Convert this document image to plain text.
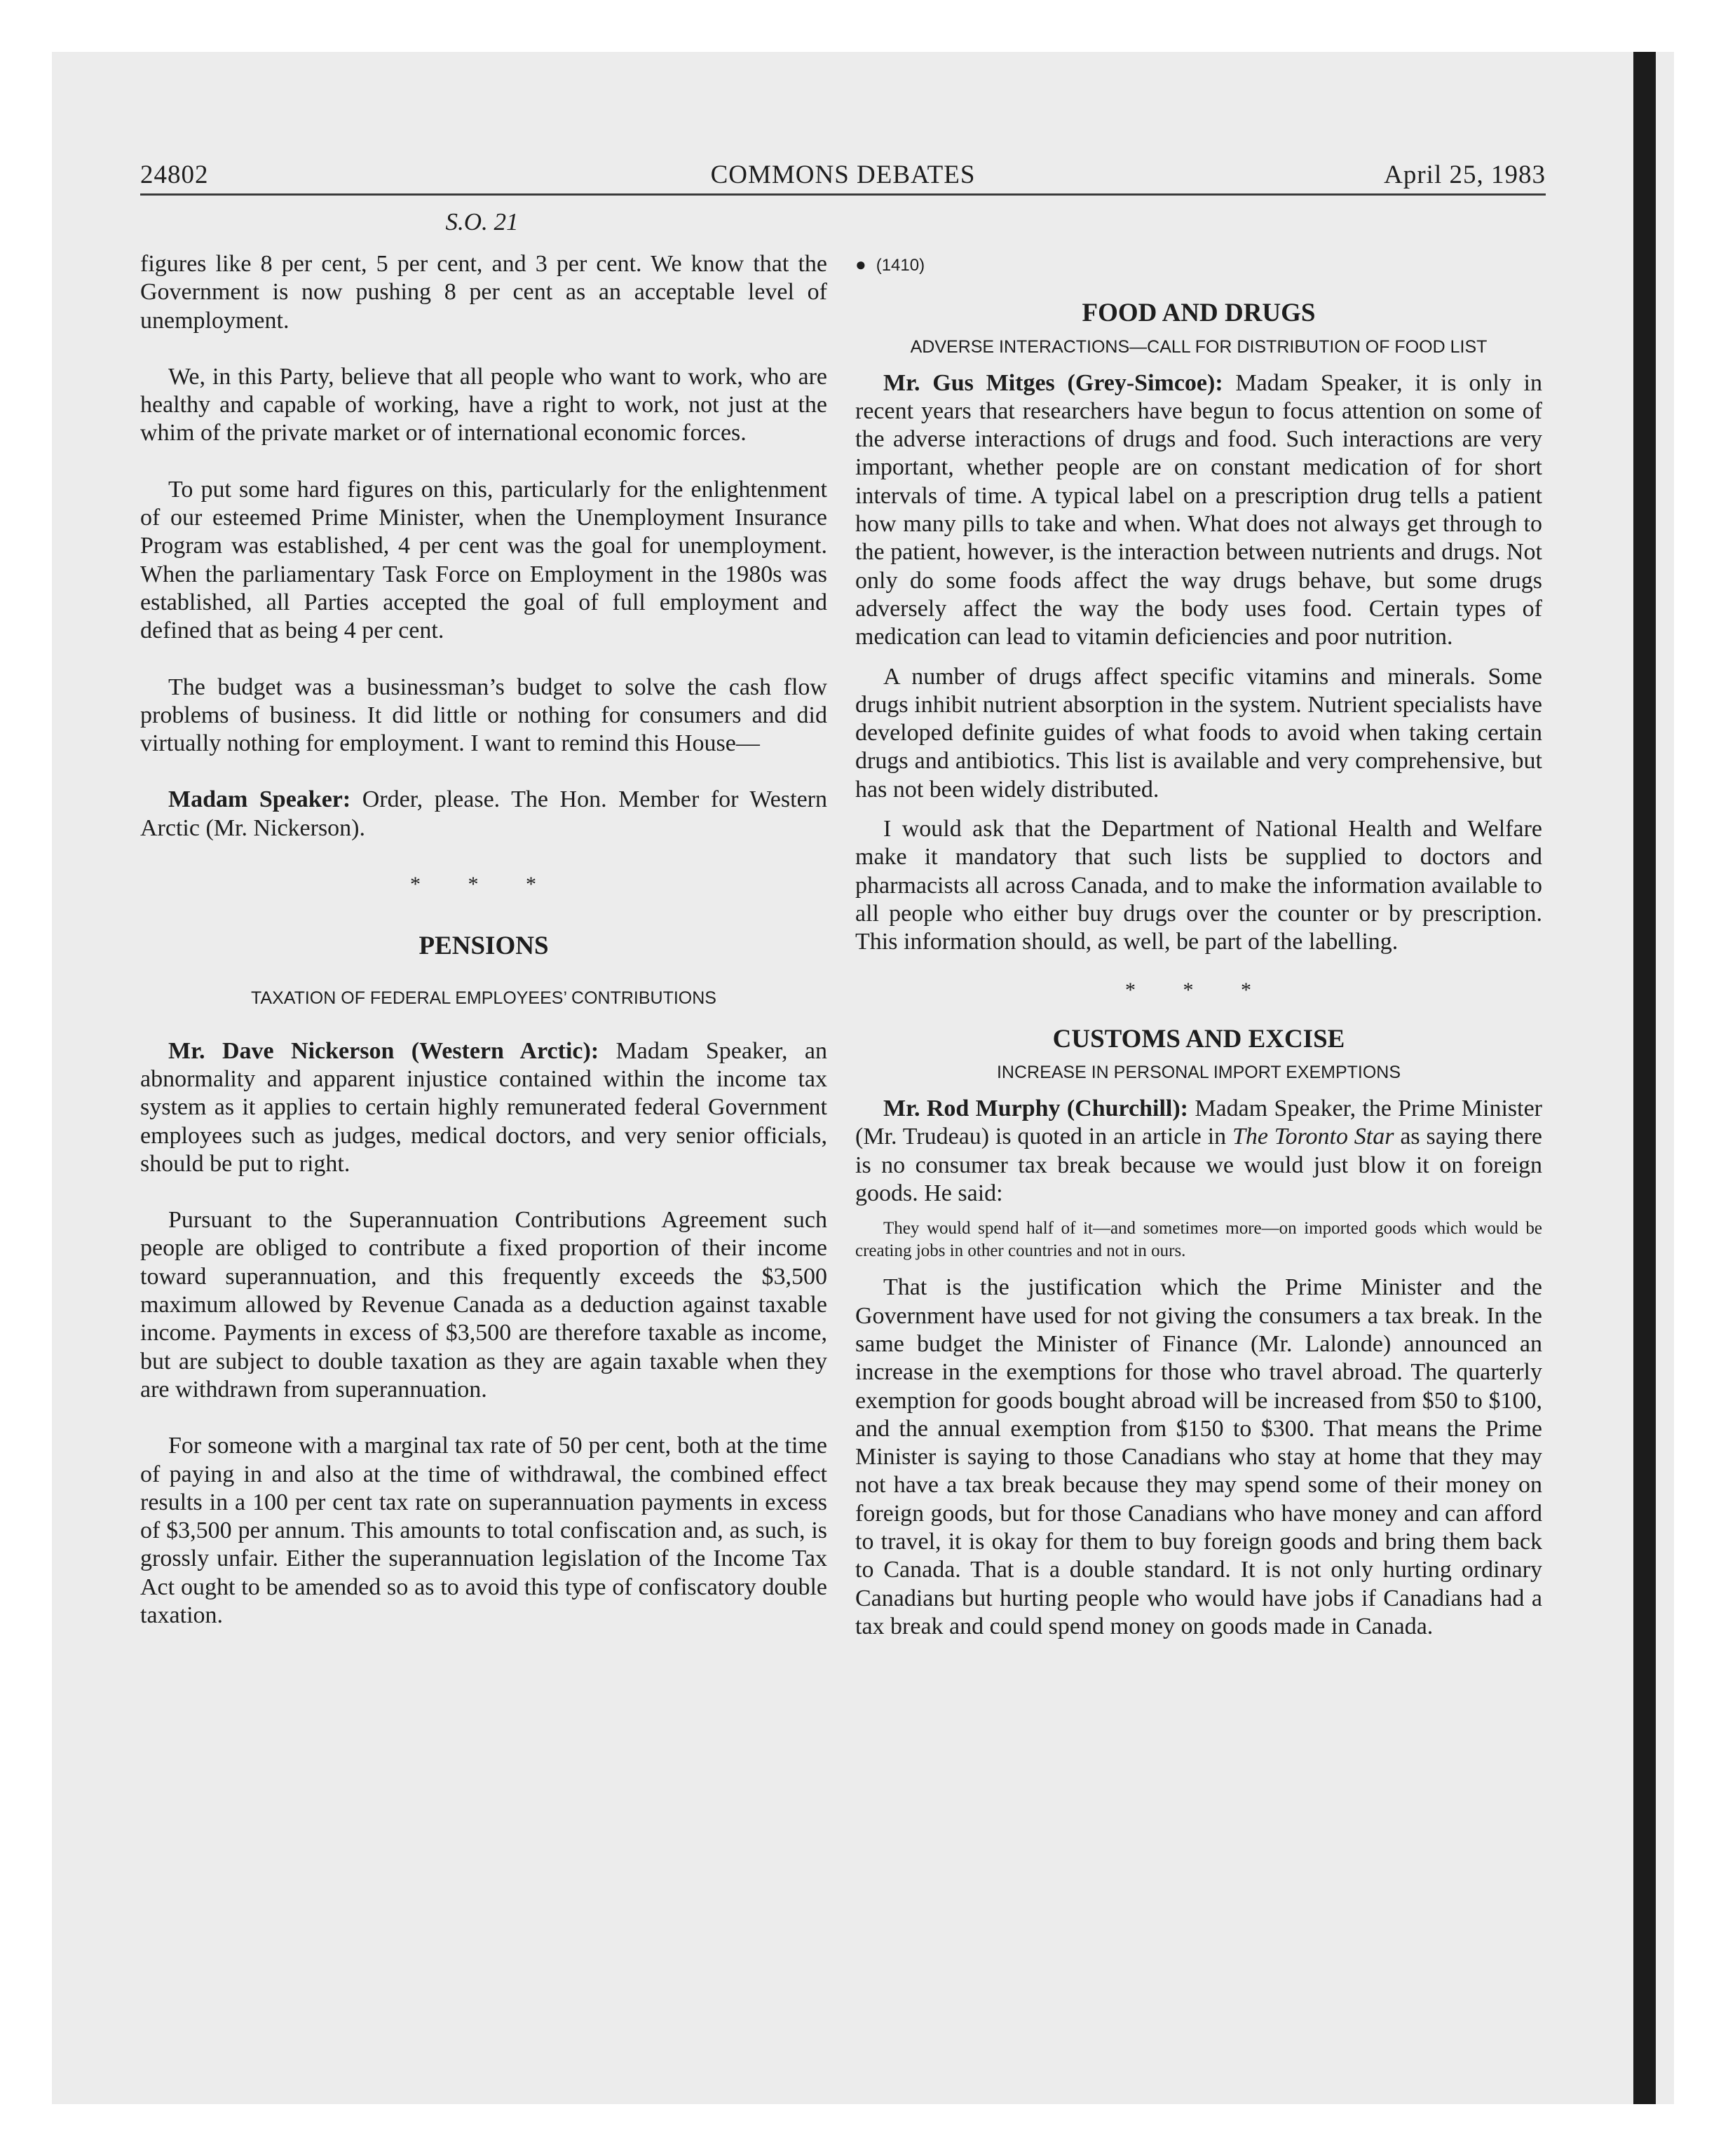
24802	COMMONS DEBATES	April 25, 1983
S.O. 21

figures like 8 per cent, 5 per cent, and 3 per cent. We know that the Government is now pushing 8 per cent as an acceptable level of unemployment.

We, in this Party, believe that all people who want to work, who are healthy and capable of working, have a right to work, not just at the whim of the private market or of international economic forces.

To put some hard figures on this, particularly for the enlightenment of our esteemed Prime Minister, when the Unemployment Insurance Program was established, 4 per cent was the goal for unemployment. When the parliamentary Task Force on Employment in the 1980s was established, all Parties accepted the goal of full employment and defined that as being 4 per cent.

The budget was a businessman’s budget to solve the cash flow problems of business. It did little or nothing for consumers and did virtually nothing for employment. I want to remind this House—

Madam Speaker: Order, please. The Hon. Member for Western Arctic (Mr. Nickerson).

* * *
PENSIONS
TAXATION OF FEDERAL EMPLOYEES’ CONTRIBUTIONS

Mr. Dave Nickerson (Western Arctic): Madam Speaker, an abnormality and apparent injustice contained within the income tax system as it applies to certain highly remunerated federal Government employees such as judges, medical doctors, and very senior officials, should be put to right.

Pursuant to the Superannuation Contributions Agreement such people are obliged to contribute a fixed proportion of their income toward superannuation, and this frequently exceeds the $3,500 maximum allowed by Revenue Canada as a deduction against taxable income. Payments in excess of $3,500 are therefore taxable as income, but are subject to double taxation as they are again taxable when they are withdrawn from superannuation.

For someone with a marginal tax rate of 50 per cent, both at the time of paying in and also at the time of withdrawal, the combined effect results in a 100 per cent tax rate on superannuation payments in excess of $3,500 per annum. This amounts to total confiscation and, as such, is grossly unfair. Either the superannuation legislation of the Income Tax Act ought to be amended so as to avoid this type of confiscatory double taxation.

● (1410)
FOOD AND DRUGS
ADVERSE INTERACTIONS—CALL FOR DISTRIBUTION OF FOOD LIST

Mr. Gus Mitges (Grey-Simcoe): Madam Speaker, it is only in recent years that researchers have begun to focus attention on some of the adverse interactions of drugs and food. Such interactions are very important, whether people are on constant medication of for short intervals of time. A typical label on a prescription drug tells a patient how many pills to take and when. What does not always get through to the patient, however, is the interaction between nutrients and drugs. Not only do some foods affect the way drugs behave, but some drugs adversely affect the way the body uses food. Certain types of medication can lead to vitamin deficiencies and poor nutrition.

A number of drugs affect specific vitamins and minerals. Some drugs inhibit nutrient absorption in the system. Nutrient specialists have developed definite guides of what foods to avoid when taking certain drugs and antibiotics. This list is available and very comprehensive, but has not been widely distributed.

I would ask that the Department of National Health and Welfare make it mandatory that such lists be supplied to doctors and pharmacists all across Canada, and to make the information available to all people who either buy drugs over the counter or by prescription. This information should, as well, be part of the labelling.

* * *
CUSTOMS AND EXCISE
INCREASE IN PERSONAL IMPORT EXEMPTIONS

Mr. Rod Murphy (Churchill): Madam Speaker, the Prime Minister (Mr. Trudeau) is quoted in an article in The Toronto Star as saying there is no consumer tax break because we would just blow it on foreign goods. He said:

They would spend half of it—and sometimes more—on imported goods which would be creating jobs in other countries and not in ours.

That is the justification which the Prime Minister and the Government have used for not giving the consumers a tax break. In the same budget the Minister of Finance (Mr. Lalonde) announced an increase in the exemptions for those who travel abroad. The quarterly exemption for goods bought abroad will be increased from $50 to $100, and the annual exemption from $150 to $300. That means the Prime Minister is saying to those Canadians who stay at home that they may not have a tax break because they may spend some of their money on foreign goods, but for those Canadians who have money and can afford to travel, it is okay for them to buy foreign goods and bring them back to Canada. That is a double standard. It is not only hurting ordinary Canadians but hurting people who would have jobs if Canadians had a tax break and could spend money on goods made in Canada.
